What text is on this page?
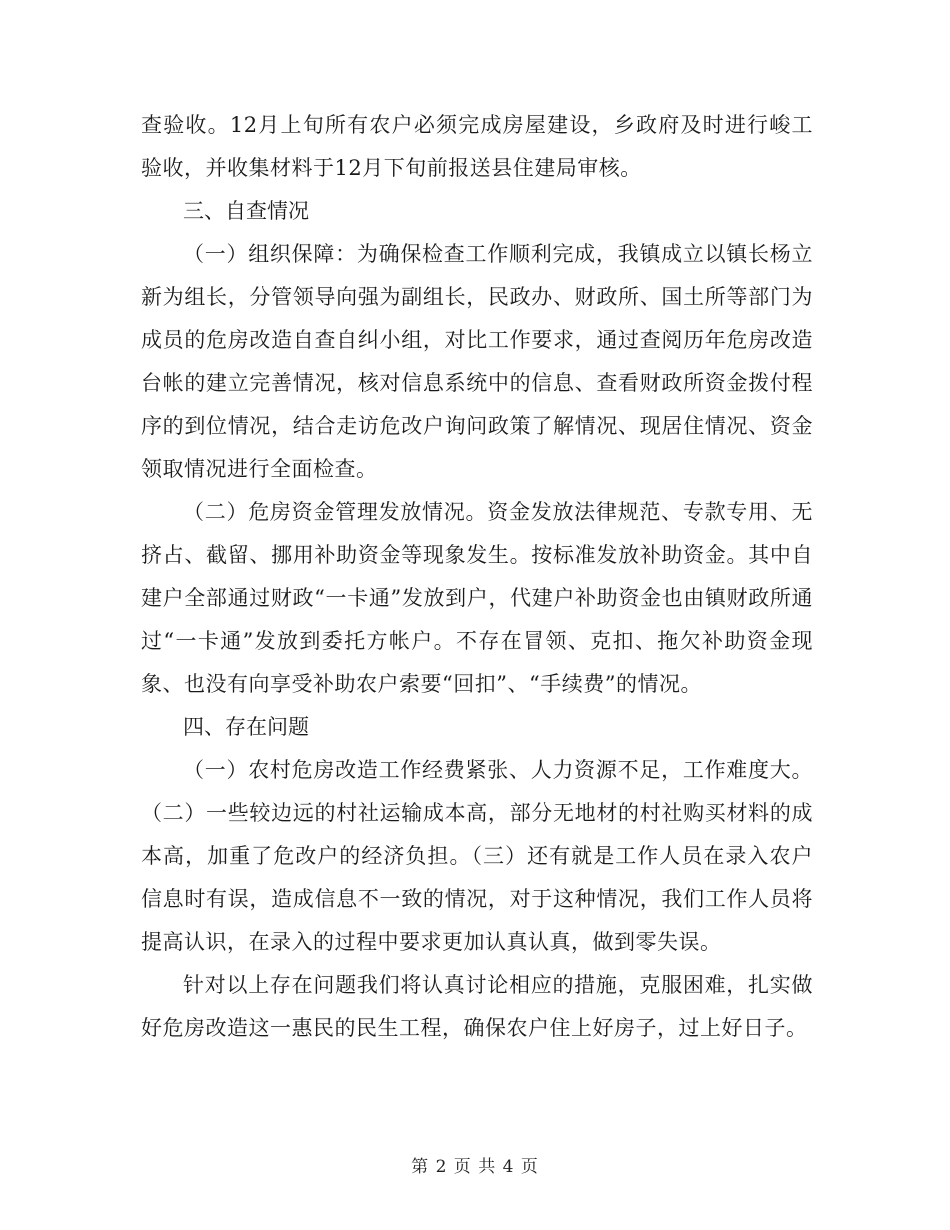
查验收。12月上旬所有农户必须完成房屋建设，乡政府及时进行峻工验收，并收集材料于12月下旬前报送县住建局审核。

三、自查情况

（一）组织保障：为确保检查工作顺利完成，我镇成立以镇长杨立新为组长，分管领导向强为副组长，民政办、财政所、国土所等部门为成员的危房改造自查自纠小组，对比工作要求，通过查阅历年危房改造台帐的建立完善情况，核对信息系统中的信息、查看财政所资金拨付程序的到位情况，结合走访危改户询问政策了解情况、现居住情况、资金领取情况进行全面检查。

（二）危房资金管理发放情况。资金发放法律规范、专款专用、无挤占、截留、挪用补助资金等现象发生。按标准发放补助资金。其中自建户全部通过财政“一卡通”发放到户，代建户补助资金也由镇财政所通过“一卡通”发放到委托方帐户。不存在冒领、克扣、拖欠补助资金现象、也没有向享受补助农户索要“回扣”、“手续费”的情况。

四、存在问题

（一）农村危房改造工作经费紧张、人力资源不足，工作难度大。（二）一些较边远的村社运输成本高，部分无地材的村社购买材料的成本高，加重了危改户的经济负担。（三）还有就是工作人员在录入农户信息时有误，造成信息不一致的情况，对于这种情况，我们工作人员将提高认识，在录入的过程中要求更加认真认真，做到零失误。

针对以上存在问题我们将认真讨论相应的措施，克服困难，扎实做好危房改造这一惠民的民生工程，确保农户住上好房子，过上好日子。

第 2 页 共 4 页
